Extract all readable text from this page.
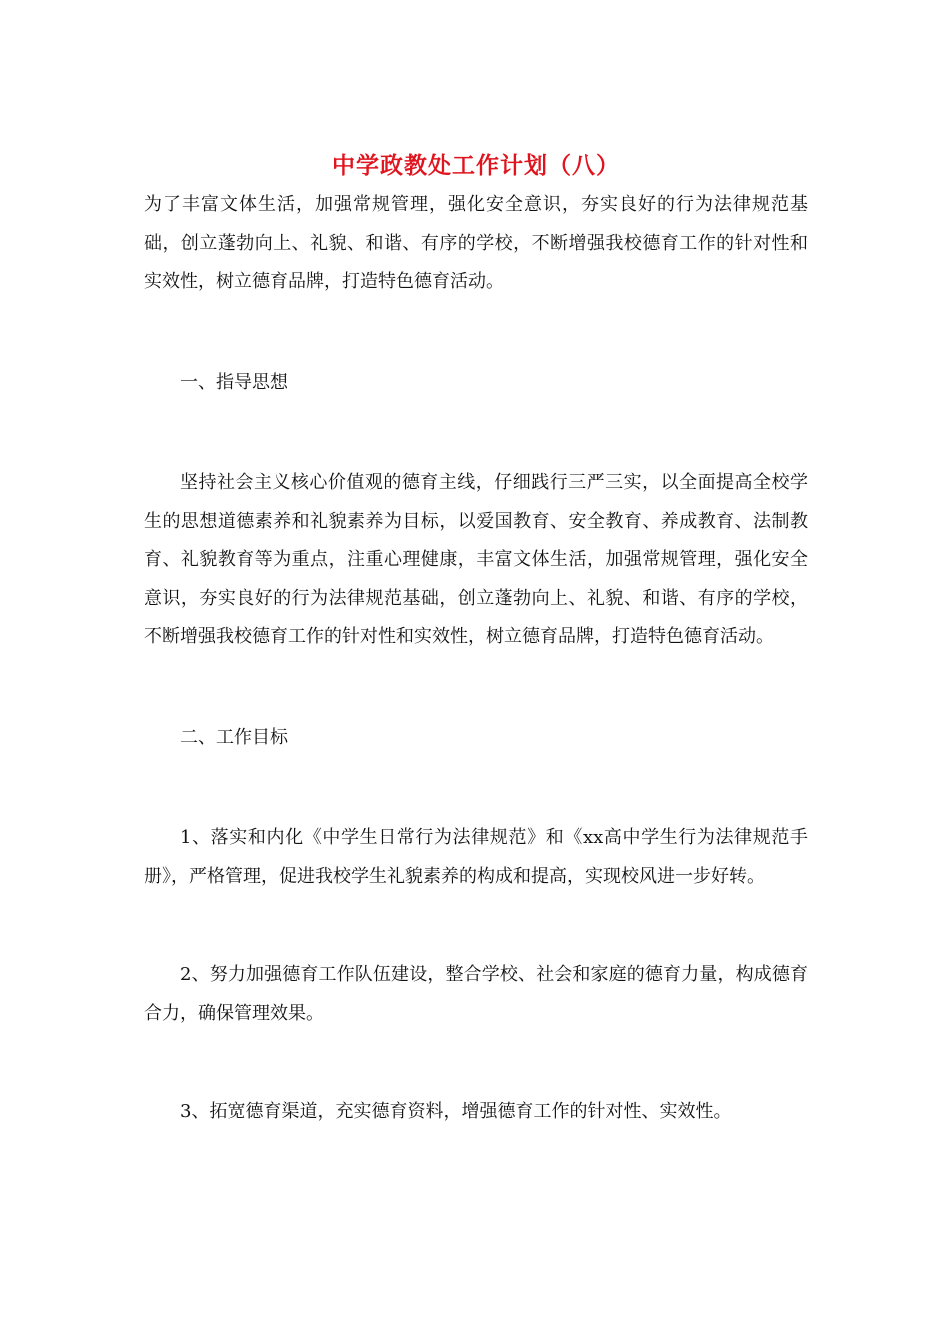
中学政教处工作计划（八）

为了丰富文体生活，加强常规管理，强化安全意识，夯实良好的行为法律规范基础，创立蓬勃向上、礼貌、和谐、有序的学校，不断增强我校德育工作的针对性和实效性，树立德育品牌，打造特色德育活动。

一、指导思想

坚持社会主义核心价值观的德育主线，仔细践行三严三实，以全面提高全校学生的思想道德素养和礼貌素养为目标，以爱国教育、安全教育、养成教育、法制教育、礼貌教育等为重点，注重心理健康，丰富文体生活，加强常规管理，强化安全意识，夯实良好的行为法律规范基础，创立蓬勃向上、礼貌、和谐、有序的学校，不断增强我校德育工作的针对性和实效性，树立德育品牌，打造特色德育活动。

二、工作目标

1、落实和内化《中学生日常行为法律规范》和《xx高中学生行为法律规范手册》，严格管理，促进我校学生礼貌素养的构成和提高，实现校风进一步好转。

2、努力加强德育工作队伍建设，整合学校、社会和家庭的德育力量，构成德育合力，确保管理效果。

3、拓宽德育渠道，充实德育资料，增强德育工作的针对性、实效性。
